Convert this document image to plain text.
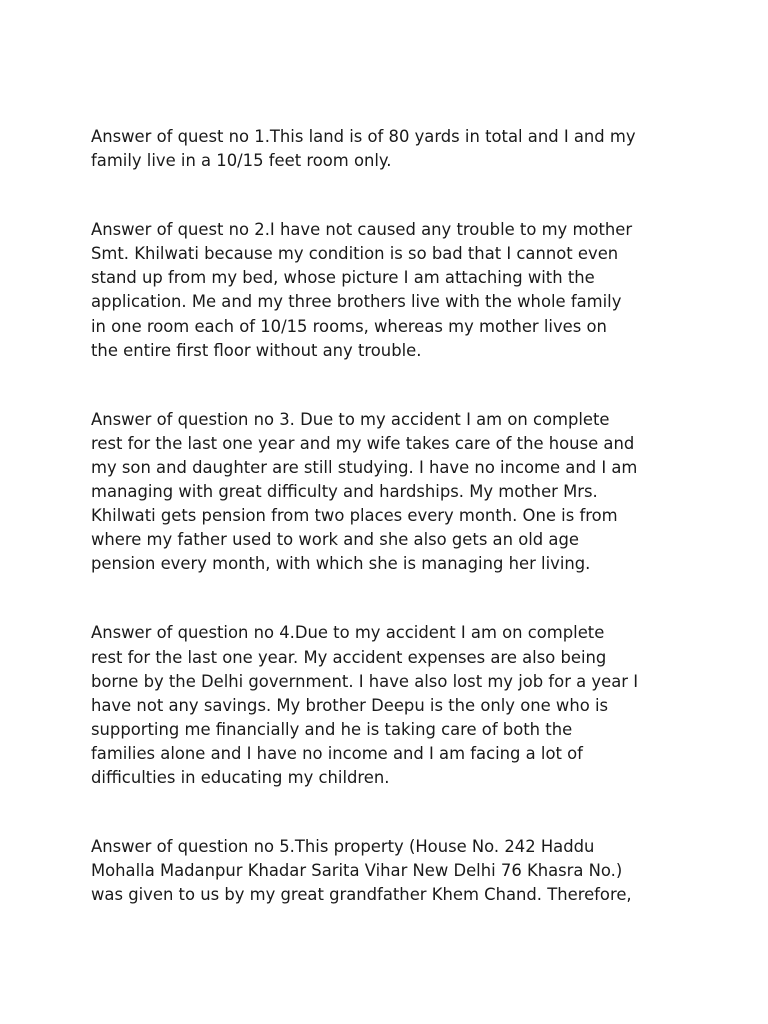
Answer of quest no 1.This land is of 80 yards in total and I and my
family live in a 10/15 feet room only.

Answer of quest no 2.I have not caused any trouble to my mother
Smt. Khilwati because my condition is so bad that I cannot even
stand up from my bed, whose picture I am attaching with the
application. Me and my three brothers live with the whole family
in one room each of 10/15 rooms, whereas my mother lives on
the entire first floor without any trouble.

Answer of question no 3. Due to my accident I am on complete
rest for the last one year and my wife takes care of the house and
my son and daughter are still studying. I have no income and I am
managing with great difficulty and hardships. My mother Mrs.
Khilwati gets pension from two places every month. One is from
where my father used to work and she also gets an old age
pension every month, with which she is managing her living.

Answer of question no 4.Due to my accident I am on complete
rest for the last one year. My accident expenses are also being
borne by the Delhi government. I have also lost my job for a year I
have not any savings. My brother Deepu is the only one who is
supporting me financially and he is taking care of both the
families alone and I have no income and I am facing a lot of
difficulties in educating my children.

Answer of question no 5.This property (House No. 242 Haddu
Mohalla Madanpur Khadar Sarita Vihar New Delhi 76 Khasra No.)
was given to us by my great grandfather Khem Chand. Therefore,
